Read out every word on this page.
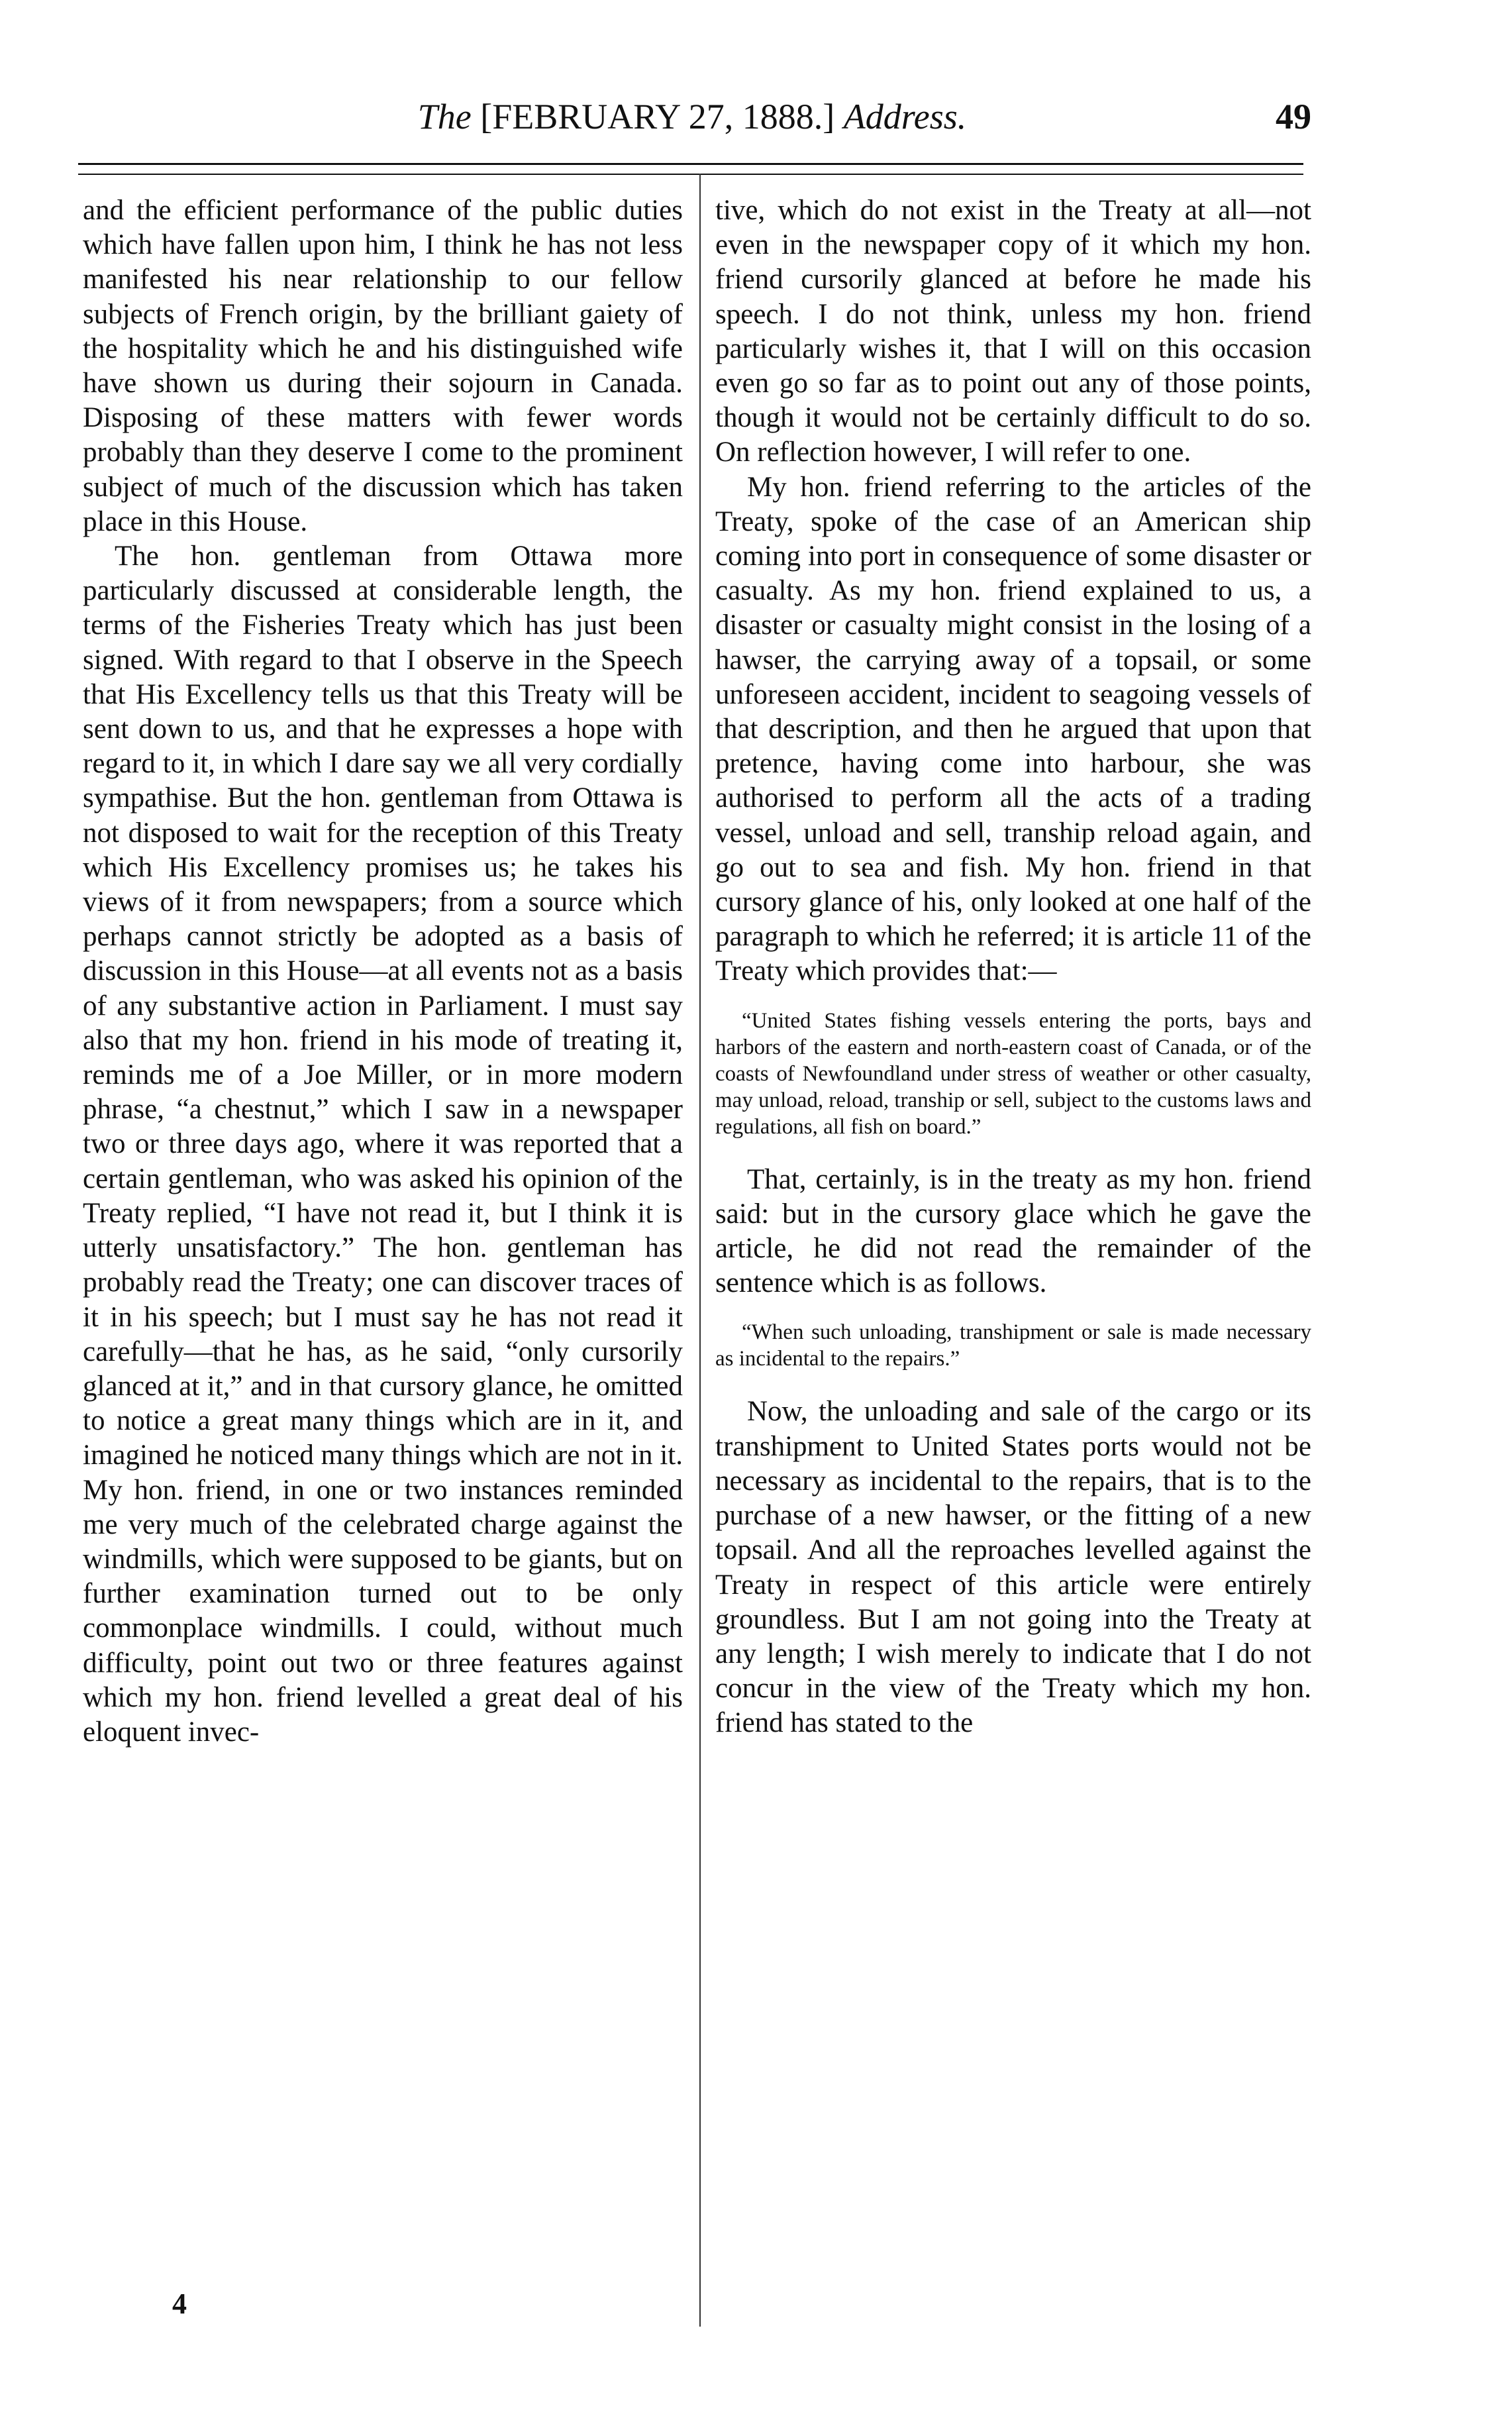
The [FEBRUARY 27, 1888.] Address.	49

and the efficient performance of the public duties which have fallen upon him, I think he has not less manifested his near relationship to our fellow subjects of French origin, by the brilliant gaiety of the hospitality which he and his distinguished wife have shown us during their sojourn in Canada. Disposing of these matters with fewer words probably than they deserve I come to the prominent subject of much of the discussion which has taken place in this House.

The hon. gentleman from Ottawa more particularly discussed at considerable length, the terms of the Fisheries Treaty which has just been signed. With regard to that I observe in the Speech that His Excellency tells us that this Treaty will be sent down to us, and that he expresses a hope with regard to it, in which I dare say we all very cordially sympathise. But the hon. gentleman from Ottawa is not disposed to wait for the reception of this Treaty which His Excellency promises us; he takes his views of it from newspapers; from a source which perhaps cannot strictly be adopted as a basis of discussion in this House—at all events not as a basis of any substantive action in Parliament. I must say also that my hon. friend in his mode of treating it, reminds me of a Joe Miller, or in more modern phrase, “a chestnut,” which I saw in a newspaper two or three days ago, where it was reported that a certain gentleman, who was asked his opinion of the Treaty replied, “I have not read it, but I think it is utterly unsatisfactory.” The hon. gentleman has probably read the Treaty; one can discover traces of it in his speech; but I must say he has not read it carefully—that he has, as he said, “only cursorily glanced at it,” and in that cursory glance, he omitted to notice a great many things which are in it, and imagined he noticed many things which are not in it. My hon. friend, in one or two instances reminded me very much of the celebrated charge against the windmills, which were supposed to be giants, but on further examination turned out to be only commonplace windmills. I could, without much difficulty, point out two or three features against which my hon. friend levelled a great deal of his eloquent invec-

tive, which do not exist in the Treaty at all—not even in the newspaper copy of it which my hon. friend cursorily glanced at before he made his speech. I do not think, unless my hon. friend particularly wishes it, that I will on this occasion even go so far as to point out any of those points, though it would not be certainly difficult to do so. On reflection however, I will refer to one.

My hon. friend referring to the articles of the Treaty, spoke of the case of an American ship coming into port in consequence of some disaster or casualty. As my hon. friend explained to us, a disaster or casualty might consist in the losing of a hawser, the carrying away of a topsail, or some unforeseen accident, incident to seagoing vessels of that description, and then he argued that upon that pretence, having come into harbour, she was authorised to perform all the acts of a trading vessel, unload and sell, tranship reload again, and go out to sea and fish. My hon. friend in that cursory glance of his, only looked at one half of the paragraph to which he referred; it is article 11 of the Treaty which provides that:—

“United States fishing vessels entering the ports, bays and harbors of the eastern and north-eastern coast of Canada, or of the coasts of Newfoundland under stress of weather or other casualty, may unload, reload, tranship or sell, subject to the customs laws and regulations, all fish on board.”

That, certainly, is in the treaty as my hon. friend said: but in the cursory glace which he gave the article, he did not read the remainder of the sentence which is as follows.

“When such unloading, transhipment or sale is made necessary as incidental to the repairs.”

Now, the unloading and sale of the cargo or its transhipment to United States ports would not be necessary as incidental to the repairs, that is to the purchase of a new hawser, or the fitting of a new topsail. And all the reproaches levelled against the Treaty in respect of this article were entirely groundless. But I am not going into the Treaty at any length; I wish merely to indicate that I do not concur in the view of the Treaty which my hon. friend has stated to the

4
